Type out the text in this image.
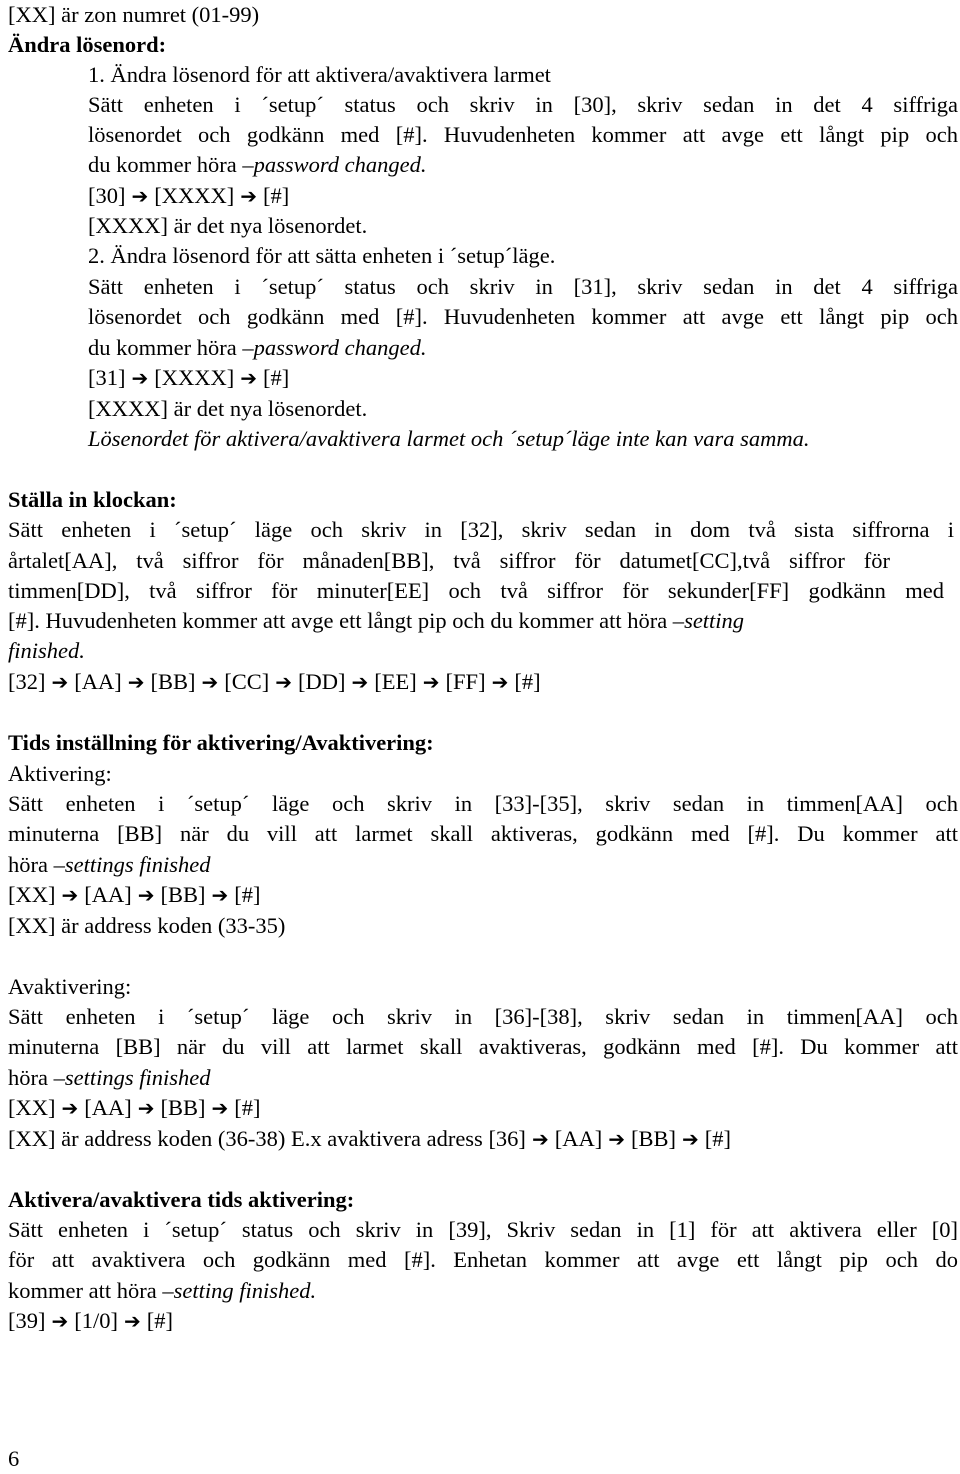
[XX] är zon numret (01-99)
Ändra lösenord:
1. Ändra lösenord för att aktivera/avaktivera larmet
Sätt enheten i ´setup´ status och skriv in [30], skriv sedan in det 4 siffriga
lösenordet och godkänn med [#]. Huvudenheten kommer att avge ett långt pip och
du kommer höra –password changed.
[30] ➔ [XXXX] ➔ [#]
[XXXX] är det nya lösenordet.
2. Ändra lösenord för att sätta enheten i ´setup´läge.
Sätt enheten i ´setup´ status och skriv in [31], skriv sedan in det 4 siffriga
lösenordet och godkänn med [#]. Huvudenheten kommer att avge ett långt pip och
du kommer höra –password changed.
[31] ➔ [XXXX] ➔ [#]
[XXXX] är det nya lösenordet.
Lösenordet för aktivera/avaktivera larmet och ´setup´läge inte kan vara samma.
Ställa in klockan:
Sätt enheten i ´setup´ läge och skriv in [32], skriv sedan in dom två sista siffrorna i
årtalet[AA], två siffror för månaden[BB], två siffror för datumet[CC],två siffror för
timmen[DD], två siffror för minuter[EE] och två siffror för sekunder[FF] godkänn med
[#]. Huvudenheten kommer att avge ett långt pip och du kommer att höra –setting
finished.
[32] ➔ [AA] ➔ [BB] ➔ [CC] ➔ [DD] ➔ [EE] ➔ [FF] ➔ [#]
Tids inställning för aktivering/Avaktivering:
Aktivering:
Sätt enheten i ´setup´ läge och skriv in [33]-[35], skriv sedan in timmen[AA] och
minuterna [BB] när du vill att larmet skall aktiveras, godkänn med [#]. Du kommer att
höra –settings finished
[XX] ➔ [AA] ➔ [BB] ➔ [#]
[XX] är address koden (33-35)
Avaktivering:
Sätt enheten i ´setup´ läge och skriv in [36]-[38], skriv sedan in timmen[AA] och
minuterna [BB] när du vill att larmet skall avaktiveras, godkänn med [#]. Du kommer att
höra –settings finished
[XX] ➔ [AA] ➔ [BB] ➔ [#]
[XX] är address koden (36-38) E.x avaktivera adress [36] ➔ [AA] ➔ [BB] ➔ [#]
Aktivera/avaktivera tids aktivering:
Sätt enheten i ´setup´ status och skriv in [39], Skriv sedan in [1] för att aktivera eller [0]
för att avaktivera och godkänn med [#]. Enhetan kommer att avge ett långt pip och do
kommer att höra –setting finished.
[39] ➔ [1/0] ➔ [#]
6
